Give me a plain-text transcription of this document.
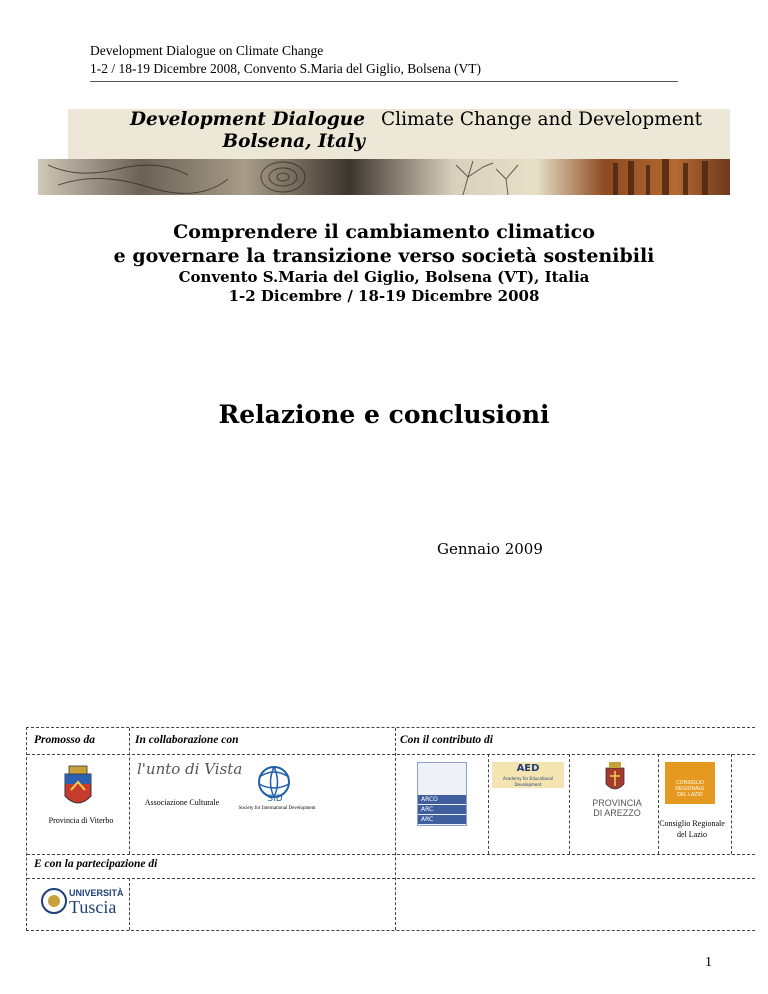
Development Dialogue on Climate Change
1-2 / 18-19 Dicembre 2008, Convento S.Maria del Giglio, Bolsena (VT)
Development Dialogue
Bolsena, Italy
Climate Change and Development
Comprendere il cambiamento climatico
e governare la transizione verso società sostenibili
Convento S.Maria del Giglio, Bolsena (VT), Italia
1-2 Dicembre / 18-19 Dicembre 2008
Relazione e conclusioni
Gennaio 2009
Promosso da	In collaborazione con	Con il contributo di
E con la partecipazione di
Provincia di Viterbo
l'unto di Vista
Associazione Culturale	SID
Society for International Development
ARCO
ARC
ARC
AED
Academy for Educational Development
PROVINCIA
DI AREZZO
CONSIGLIO
REGIONALE
DEL LAZIO
Consiglio Regionale
del Lazio
UNIVERSITÀ
Tuscia
1
